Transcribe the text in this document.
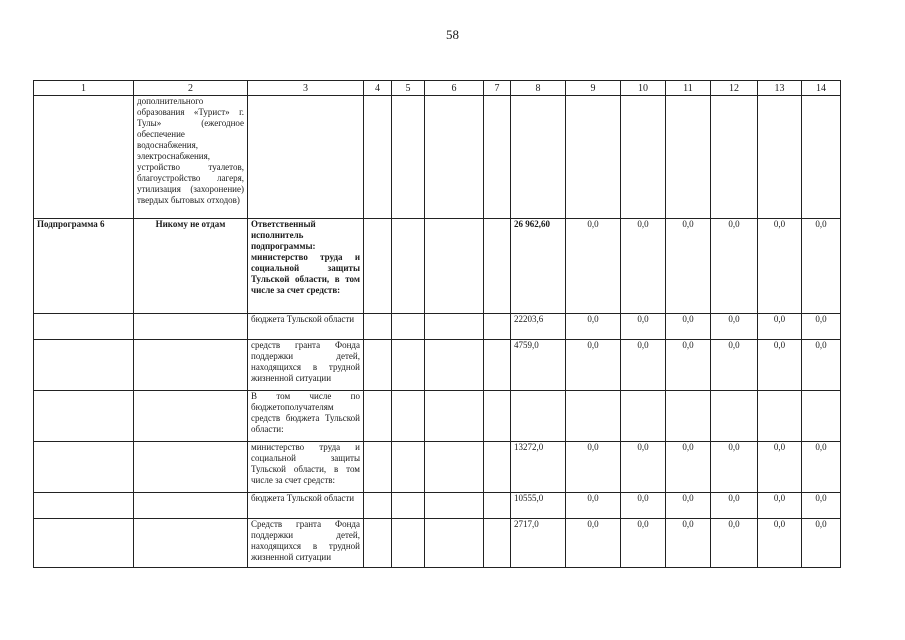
58
1	2	3	4	5	6	7	8	9	10	11	12	13	14
	дополнительного образования «Турист» г. Тулы» (ежегодное обеспечение водоснабжения, электроснабжения, устройство туалетов, благоустройство лагеря, утилизация (захоронение) твердых бытовых отходов)												
Подпрограмма 6	Никому не отдам	Ответственный исполнитель подпрограммы: министерство труда и социальной защиты Тульской области, в том числе за счет средств:					26 962,60	0,0	0,0	0,0	0,0	0,0	0,0
		бюджета Тульской области					22203,6	0,0	0,0	0,0	0,0	0,0	0,0
		средств гранта Фонда поддержки детей, находящихся в трудной жизненной ситуации					4759,0	0,0	0,0	0,0	0,0	0,0	0,0
		В том числе по бюджетополучателям средств бюджета Тульской области:											
		министерство труда и социальной защиты Тульской области, в том числе за счет средств:					13272,0	0,0	0,0	0,0	0,0	0,0	0,0
		бюджета Тульской области					10555,0	0,0	0,0	0,0	0,0	0,0	0,0
		Средств гранта Фонда поддержки детей, находящихся в трудной жизненной ситуации					2717,0	0,0	0,0	0,0	0,0	0,0	0,0
